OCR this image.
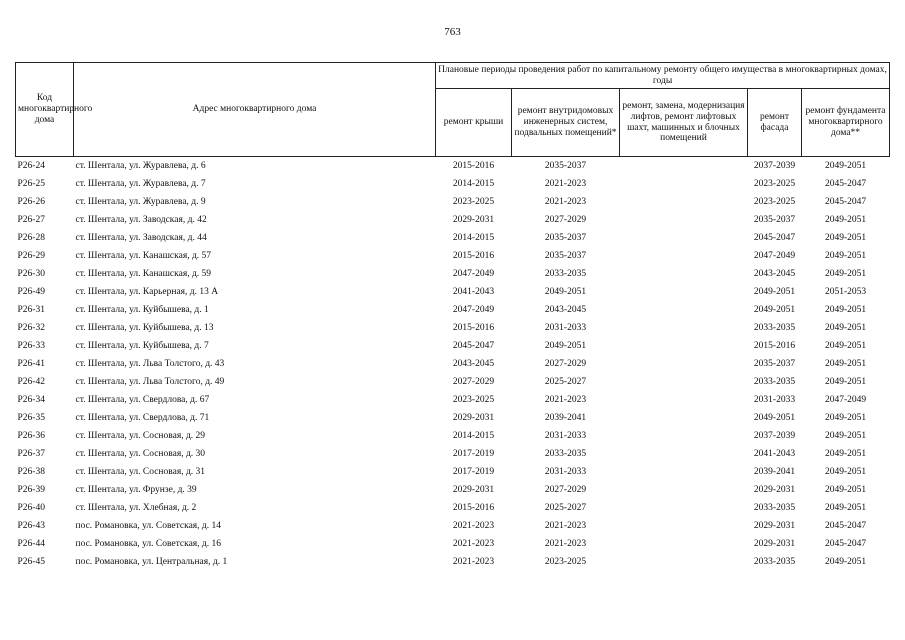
763
Код многоквартирного дома	Адрес многоквартирного дома	Плановые периоды проведения работ по капитальному ремонту общего имущества в многоквартирных домах, годы				
		ремонт крыши	ремонт внутридомовых инженерных систем, подвальных помещений*	ремонт, замена, модернизация лифтов, ремонт лифтовых шахт, машинных и блочных помещений	ремонт фасада	ремонт фундамента многоквартирного дома**
Р26-24	ст. Шентала, ул. Журавлева, д. 6	2015-2016	2035-2037		2037-2039	2049-2051
Р26-25	ст. Шентала, ул. Журавлева, д. 7	2014-2015	2021-2023		2023-2025	2045-2047
Р26-26	ст. Шентала, ул. Журавлева, д. 9	2023-2025	2021-2023		2023-2025	2045-2047
Р26-27	ст. Шентала, ул. Заводская, д. 42	2029-2031	2027-2029		2035-2037	2049-2051
Р26-28	ст. Шентала, ул. Заводская, д. 44	2014-2015	2035-2037		2045-2047	2049-2051
Р26-29	ст. Шентала, ул. Канашская, д. 57	2015-2016	2035-2037		2047-2049	2049-2051
Р26-30	ст. Шентала, ул. Канашская, д. 59	2047-2049	2033-2035		2043-2045	2049-2051
Р26-49	ст. Шентала, ул. Карьерная, д. 13 А	2041-2043	2049-2051		2049-2051	2051-2053
Р26-31	ст. Шентала, ул. Куйбышева, д. 1	2047-2049	2043-2045		2049-2051	2049-2051
Р26-32	ст. Шентала, ул. Куйбышева, д. 13	2015-2016	2031-2033		2033-2035	2049-2051
Р26-33	ст. Шентала, ул. Куйбышева, д. 7	2045-2047	2049-2051		2015-2016	2049-2051
Р26-41	ст. Шентала, ул. Льва Толстого, д. 43	2043-2045	2027-2029		2035-2037	2049-2051
Р26-42	ст. Шентала, ул. Льва Толстого, д. 49	2027-2029	2025-2027		2033-2035	2049-2051
Р26-34	ст. Шентала, ул. Свердлова, д. 67	2023-2025	2021-2023		2031-2033	2047-2049
Р26-35	ст. Шентала, ул. Свердлова, д. 71	2029-2031	2039-2041		2049-2051	2049-2051
Р26-36	ст. Шентала, ул. Сосновая, д. 29	2014-2015	2031-2033		2037-2039	2049-2051
Р26-37	ст. Шентала, ул. Сосновая, д. 30	2017-2019	2033-2035		2041-2043	2049-2051
Р26-38	ст. Шентала, ул. Сосновая, д. 31	2017-2019	2031-2033		2039-2041	2049-2051
Р26-39	ст. Шентала, ул. Фрунзе, д. 39	2029-2031	2027-2029		2029-2031	2049-2051
Р26-40	ст. Шентала, ул. Хлебная, д. 2	2015-2016	2025-2027		2033-2035	2049-2051
Р26-43	пос. Романовка, ул. Советская, д. 14	2021-2023	2021-2023		2029-2031	2045-2047
Р26-44	пос. Романовка, ул. Советская, д. 16	2021-2023	2021-2023		2029-2031	2045-2047
Р26-45	пос. Романовка, ул. Центральная, д. 1	2021-2023	2023-2025		2033-2035	2049-2051
